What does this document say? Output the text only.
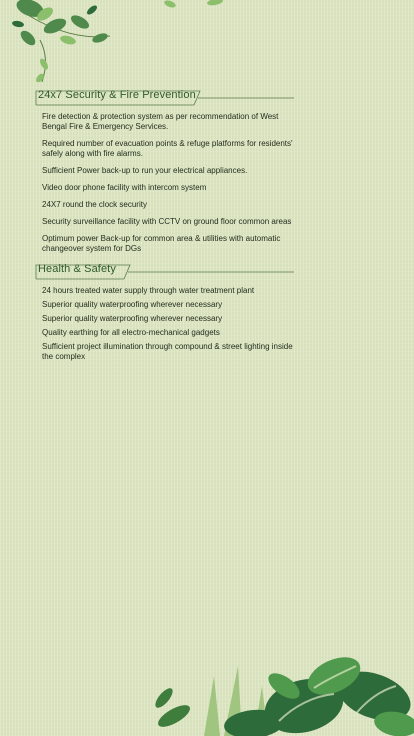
24x7 Security & Fire Prevention
Fire detection & protection system as per recommendation of West Bengal Fire & Emergency Services.
Required number of evacuation points & refuge platforms for residents' safely along with fire alarms.
Sufficient Power back-up to run your electrical appliances.
Video door phone facility with intercom system
24X7 round the clock security
Security surveillance facility with CCTV on ground floor common areas
Optimum power Back-up for common area & utilities with automatic changeover system for DGs
Health & Safety
24 hours treated water supply through water treatment plant
Superior quality waterproofing wherever necessary
Superior quality waterproofing wherever necessary
Quality earthing for all electro-mechanical gadgets
Sufficient project illumination through compound & street lighting inside the complex
